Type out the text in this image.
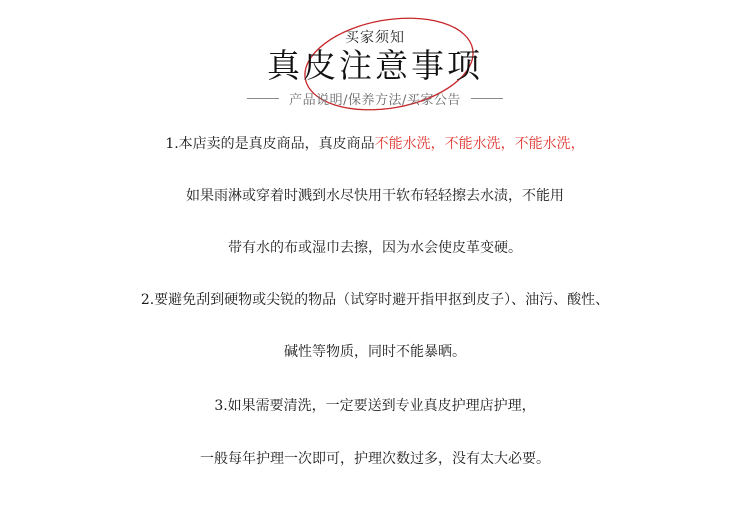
买家须知
真皮注意事项
产品说明/保养方法/买家公告
1.本店卖的是真皮商品，真皮商品不能水洗，不能水洗，不能水洗，
如果雨淋或穿着时溅到水尽快用干软布轻轻擦去水渍，不能用
带有水的布或湿巾去擦，因为水会使皮革变硬。
2.要避免刮到硬物或尖锐的物品（试穿时避开指甲抠到皮子）、油污、酸性、
碱性等物质，同时不能暴晒。
3.如果需要清洗，一定要送到专业真皮护理店护理，
一般每年护理一次即可，护理次数过多，没有太大必要。
